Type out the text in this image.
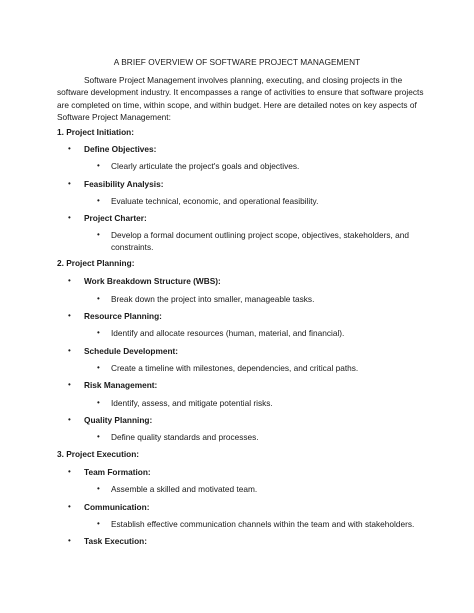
A BRIEF OVERVIEW OF SOFTWARE PROJECT MANAGEMENT

Software Project Management involves planning, executing, and closing projects in the software development industry. It encompasses a range of activities to ensure that software projects are completed on time, within scope, and within budget. Here are detailed notes on key aspects of Software Project Management:

1. Project Initiation:
• Define Objectives:
• Clearly articulate the project's goals and objectives.
• Feasibility Analysis:
• Evaluate technical, economic, and operational feasibility.
• Project Charter:
• Develop a formal document outlining project scope, objectives, stakeholders, and constraints.
2. Project Planning:
• Work Breakdown Structure (WBS):
• Break down the project into smaller, manageable tasks.
• Resource Planning:
• Identify and allocate resources (human, material, and financial).
• Schedule Development:
• Create a timeline with milestones, dependencies, and critical paths.
• Risk Management:
• Identify, assess, and mitigate potential risks.
• Quality Planning:
• Define quality standards and processes.
3. Project Execution:
• Team Formation:
• Assemble a skilled and motivated team.
• Communication:
• Establish effective communication channels within the team and with stakeholders.
• Task Execution:
